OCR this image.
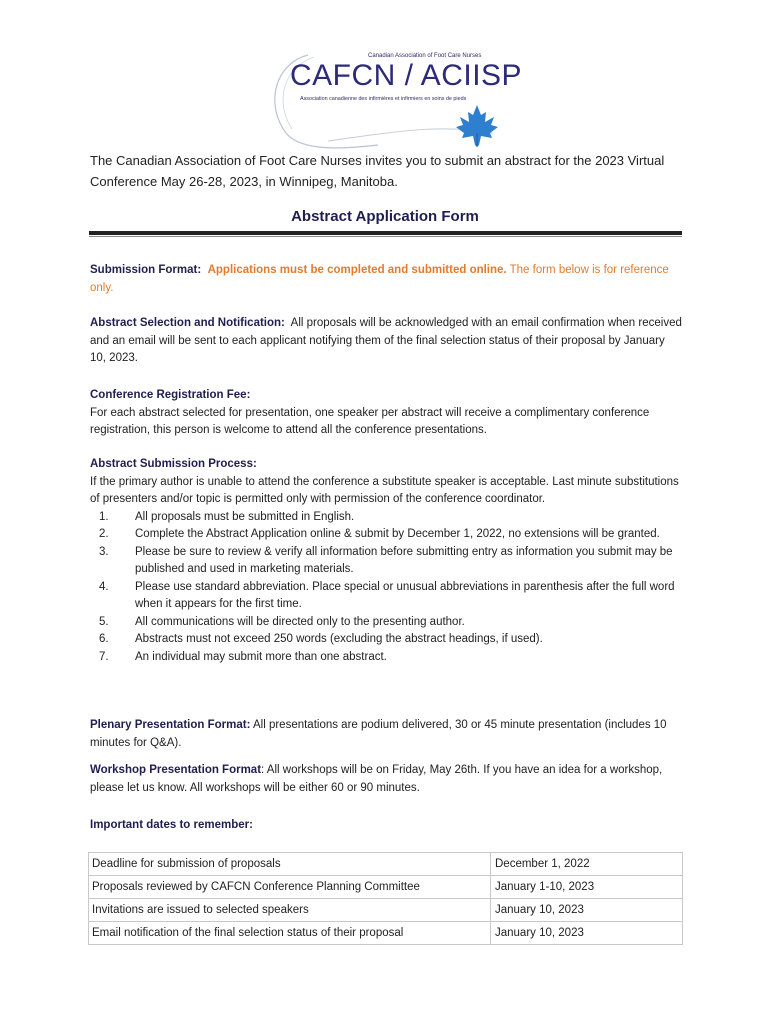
Canadian Association of Foot Care Nurses
CAFCN / ACIISP
Association canadienne des infirmières et infirmiers en soins de pieds
The Canadian Association of Foot Care Nurses invites you to submit an abstract for the 2023 Virtual Conference May 26-28, 2023, in Winnipeg, Manitoba.
Abstract Application Form
Submission Format: Applications must be completed and submitted online. The form below is for reference only.
Abstract Selection and Notification: All proposals will be acknowledged with an email confirmation when received and an email will be sent to each applicant notifying them of the final selection status of their proposal by January 10, 2023.
Conference Registration Fee:
For each abstract selected for presentation, one speaker per abstract will receive a complimentary conference registration, this person is welcome to attend all the conference presentations.
Abstract Submission Process:
If the primary author is unable to attend the conference a substitute speaker is acceptable. Last minute substitutions of presenters and/or topic is permitted only with permission of the conference coordinator.
1. All proposals must be submitted in English.
2. Complete the Abstract Application online & submit by December 1, 2022, no extensions will be granted.
3. Please be sure to review & verify all information before submitting entry as information you submit may be published and used in marketing materials.
4. Please use standard abbreviation. Place special or unusual abbreviations in parenthesis after the full word when it appears for the first time.
5. All communications will be directed only to the presenting author.
6. Abstracts must not exceed 250 words (excluding the abstract headings, if used).
7. An individual may submit more than one abstract.
Plenary Presentation Format: All presentations are podium delivered, 30 or 45 minute presentation (includes 10 minutes for Q&A).
Workshop Presentation Format: All workshops will be on Friday, May 26th. If you have an idea for a workshop, please let us know. All workshops will be either 60 or 90 minutes.
Important dates to remember:
Deadline for submission of proposals	December 1, 2022
Proposals reviewed by CAFCN Conference Planning Committee	January 1-10, 2023
Invitations are issued to selected speakers	January 10, 2023
Email notification of the final selection status of their proposal	January 10, 2023
